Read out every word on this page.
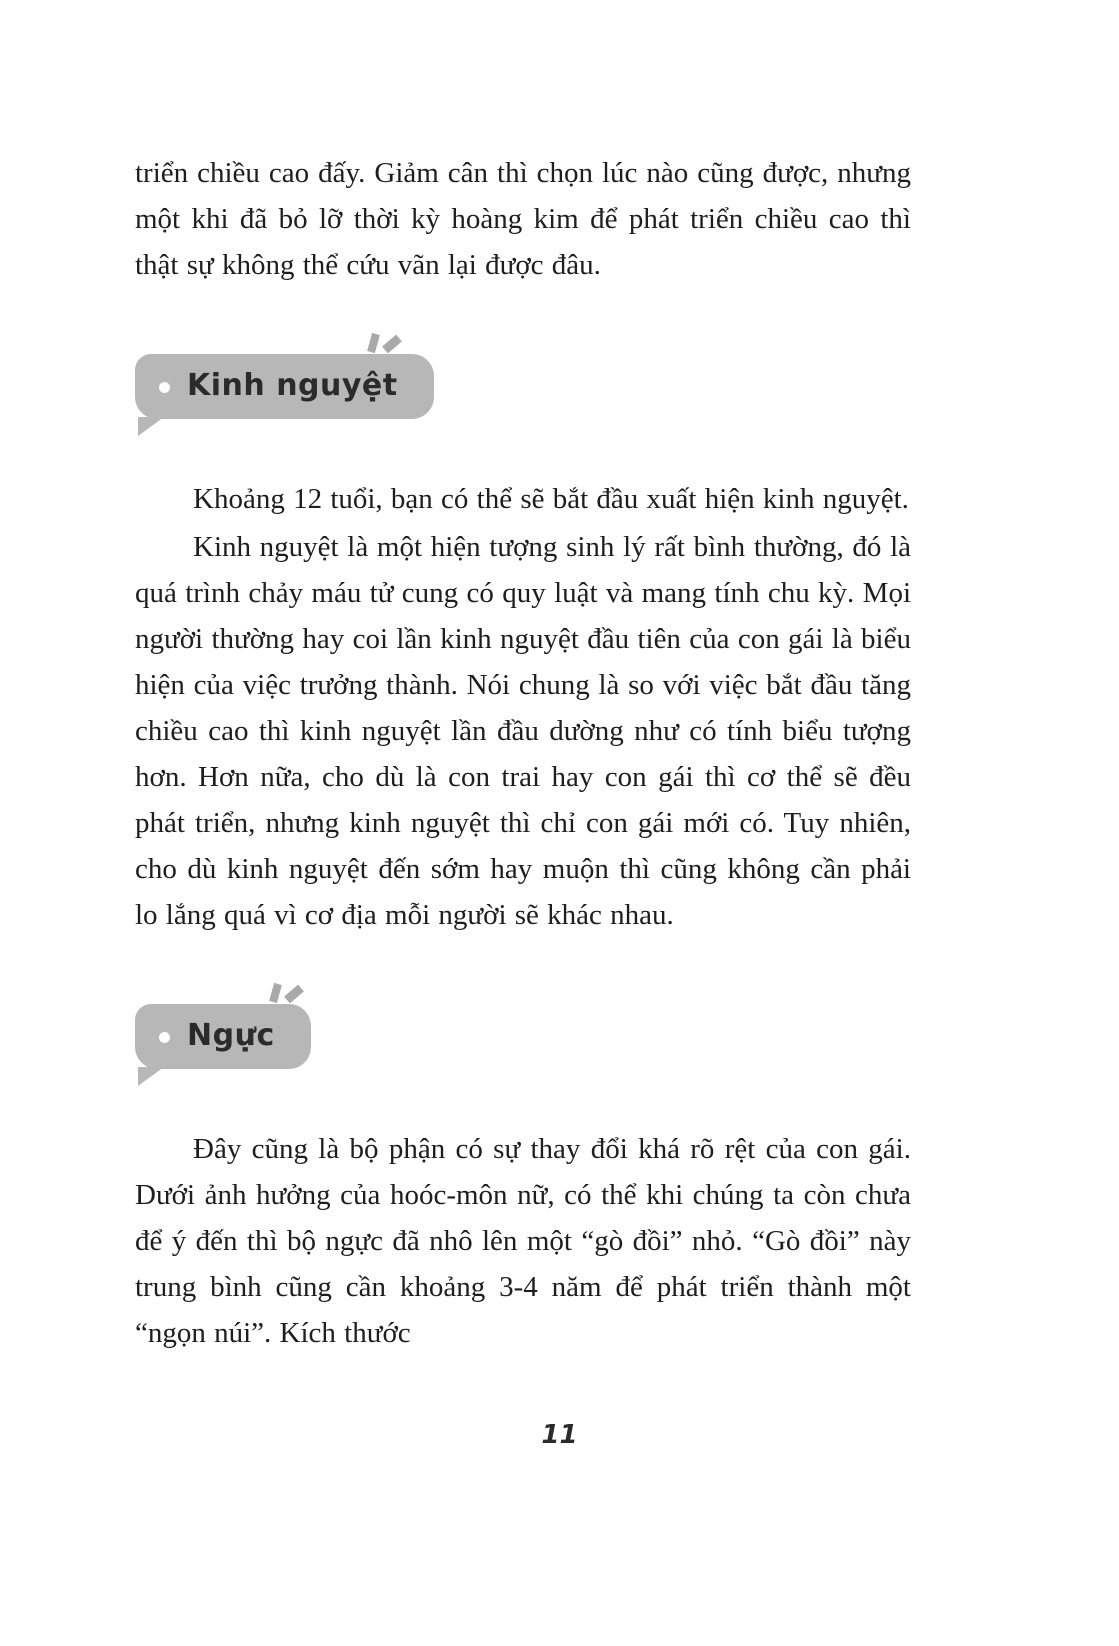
triển chiều cao đấy. Giảm cân thì chọn lúc nào cũng được, nhưng một khi đã bỏ lỡ thời kỳ hoàng kim để phát triển chiều cao thì thật sự không thể cứu vãn lại được đâu.

Kinh nguyệt

Khoảng 12 tuổi, bạn có thể sẽ bắt đầu xuất hiện kinh nguyệt.

Kinh nguyệt là một hiện tượng sinh lý rất bình thường, đó là quá trình chảy máu tử cung có quy luật và mang tính chu kỳ. Mọi người thường hay coi lần kinh nguyệt đầu tiên của con gái là biểu hiện của việc trưởng thành. Nói chung là so với việc bắt đầu tăng chiều cao thì kinh nguyệt lần đầu dường như có tính biểu tượng hơn. Hơn nữa, cho dù là con trai hay con gái thì cơ thể sẽ đều phát triển, nhưng kinh nguyệt thì chỉ con gái mới có. Tuy nhiên, cho dù kinh nguyệt đến sớm hay muộn thì cũng không cần phải lo lắng quá vì cơ địa mỗi người sẽ khác nhau.

Ngực

Đây cũng là bộ phận có sự thay đổi khá rõ rệt của con gái. Dưới ảnh hưởng của hoóc-môn nữ, có thể khi chúng ta còn chưa để ý đến thì bộ ngực đã nhô lên một “gò đồi” nhỏ. “Gò đồi” này trung bình cũng cần khoảng 3-4 năm để phát triển thành một “ngọn núi”. Kích thước

11
